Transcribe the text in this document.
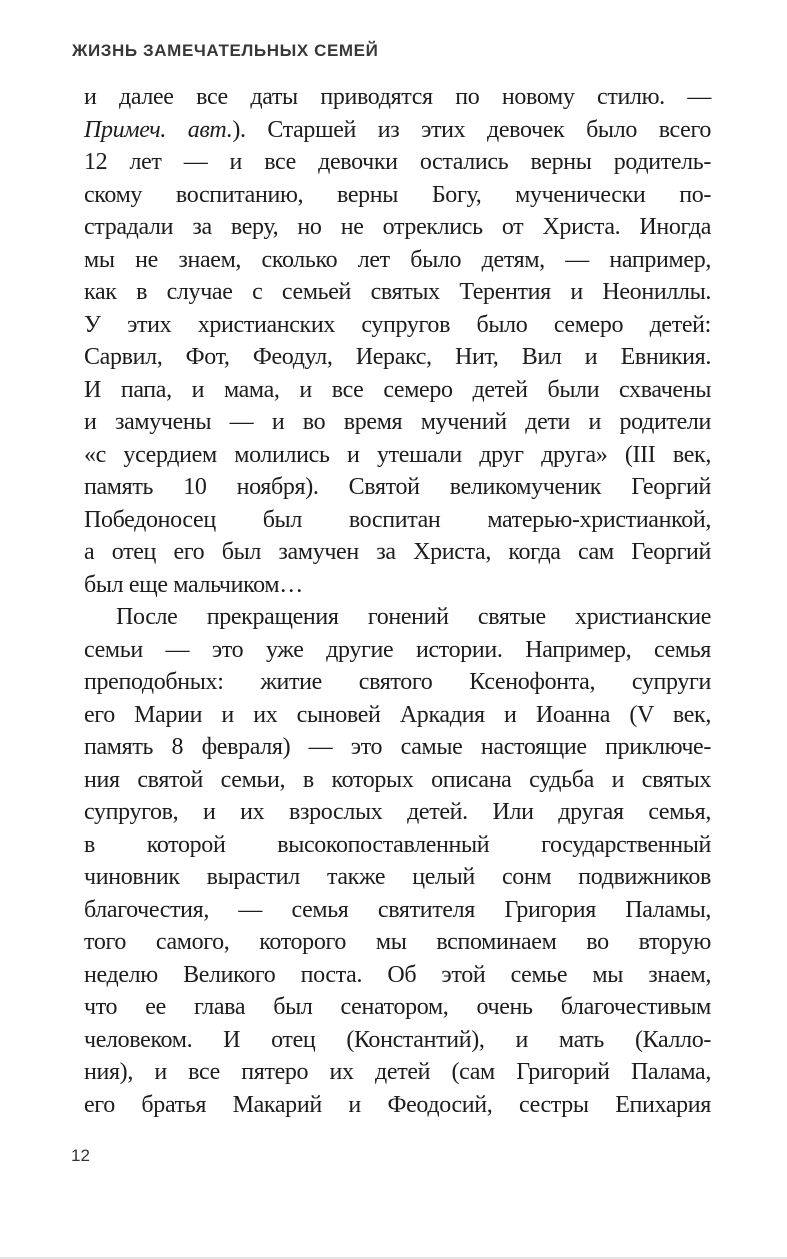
ЖИЗНЬ ЗАМЕЧАТЕЛЬНЫХ СЕМЕЙ
и далее все даты приводятся по новому стилю. —
Примеч. авт.). Старшей из этих девочек было всего
12 лет — и все девочки остались верны родитель-
скому воспитанию, верны Богу, мученически по-
страдали за веру, но не отреклись от Христа. Иногда
мы не знаем, сколько лет было детям, — например,
как в случае с семьей святых Терентия и Неониллы.
У этих христианских супругов было семеро детей:
Сарвил, Фот, Феодул, Иеракс, Нит, Вил и Евникия.
И папа, и мама, и все семеро детей были схвачены
и замучены — и во время мучений дети и родители
«с усердием молились и утешали друг друга» (III век,
память 10 ноября). Святой великомученик Георгий
Победоносец был воспитан матерью-христианкой,
а отец его был замучен за Христа, когда сам Георгий
был еще мальчиком…
После прекращения гонений святые христианские
семьи — это уже другие истории. Например, семья
преподобных: житие святого Ксенофонта, супруги
его Марии и их сыновей Аркадия и Иоанна (V век,
память 8 февраля) — это самые настоящие приключе-
ния святой семьи, в которых описана судьба и святых
супругов, и их взрослых детей. Или другая семья,
в которой высокопоставленный государственный
чиновник вырастил также целый сонм подвижников
благочестия, — семья святителя Григория Паламы,
того самого, которого мы вспоминаем во вторую
неделю Великого поста. Об этой семье мы знаем,
что ее глава был сенатором, очень благочестивым
человеком. И отец (Константий), и мать (Калло-
ния), и все пятеро их детей (сам Григорий Палама,
его братья Макарий и Феодосий, сестры Епихария
12
